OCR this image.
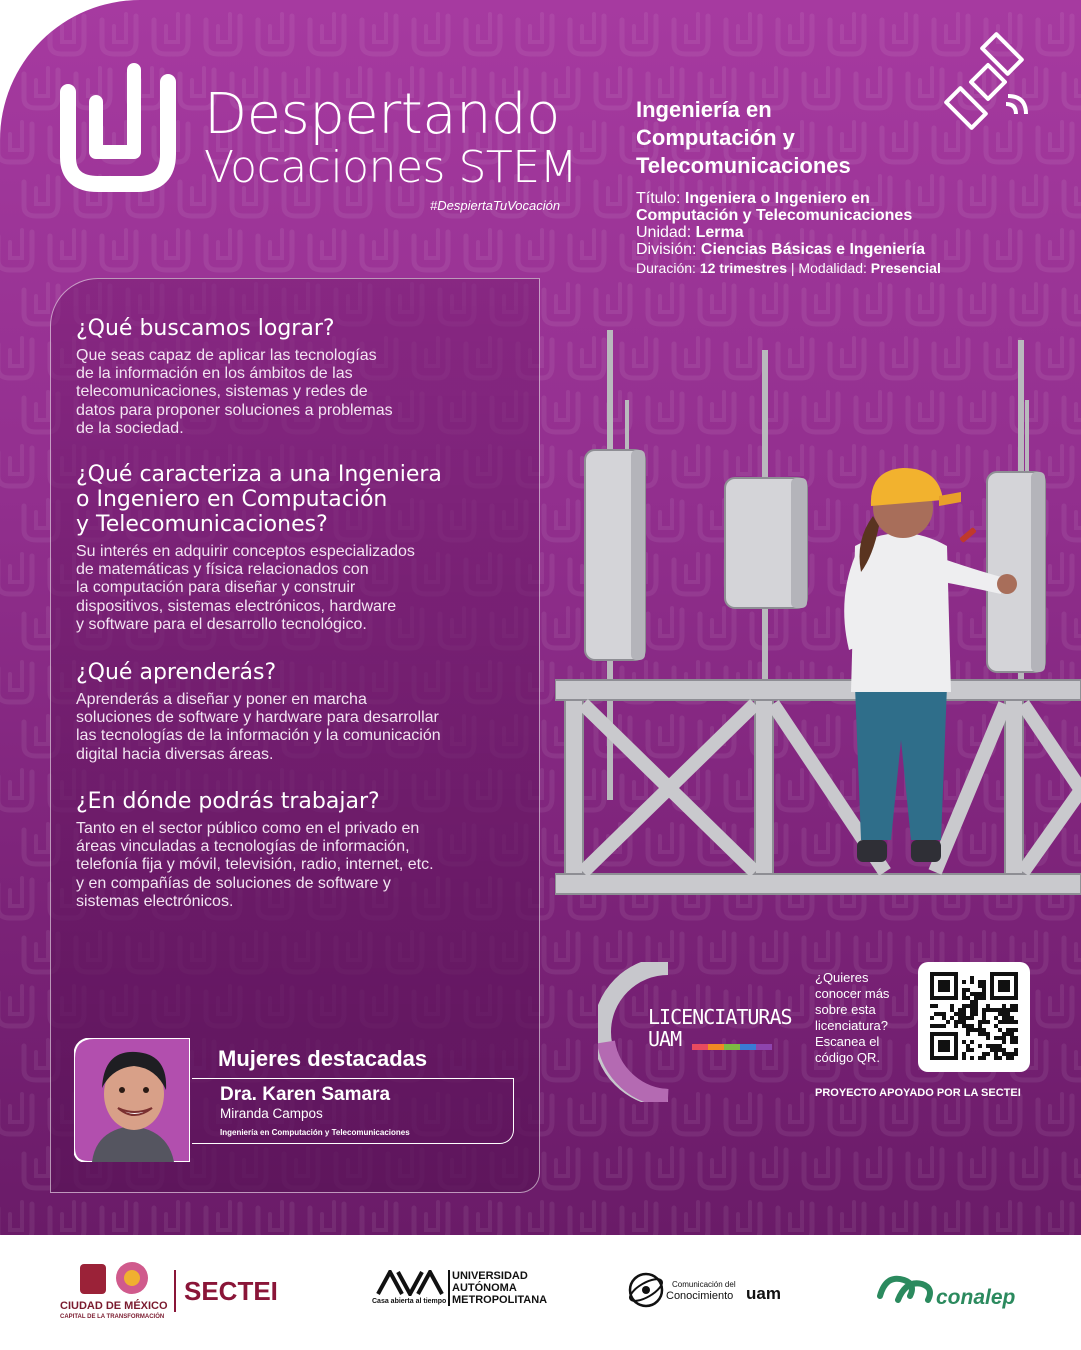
Despertando
Vocaciones STEM
#DespiertaTuVocación
Ingeniería en
Computación y
Telecomunicaciones
Título: Ingeniera o Ingeniero en
Computación y Telecomunicaciones
Unidad: Lerma
División: Ciencias Básicas e Ingeniería
Duración: 12 trimestres | Modalidad: Presencial
¿Qué buscamos lograr?

Que seas capaz de aplicar las tecnologías
de la información en los ámbitos de las
telecomunicaciones, sistemas y redes de
datos para proponer soluciones a problemas
de la sociedad.

¿Qué caracteriza a una Ingeniera
o Ingeniero en Computación
y Telecomunicaciones?

Su interés en adquirir conceptos especializados
de matemáticas y física relacionados con
la computación para diseñar y construir
dispositivos, sistemas electrónicos, hardware
y software para el desarrollo tecnológico.

¿Qué aprenderás?

Aprenderás a diseñar y poner en marcha
soluciones de software y hardware para desarrollar
las tecnologías de la información y la comunicación
digital hacia diversas áreas.

¿En dónde podrás trabajar?

Tanto en el sector público como en el privado en
áreas vinculadas a tecnologías de información,
telefonía fija y móvil, televisión, radio, internet, etc.
y en compañías de soluciones de software y
sistemas electrónicos.

LICENCIATURAS
UAM
¿Quieres
conocer más
sobre esta
licenciatura?
Escanea el
código QR.
PROYECTO APOYADO POR LA SECTEI
Mujeres destacadas
Dra. Karen Samara
Miranda Campos
Ingeniería en Computación y Telecomunicaciones
CIUDAD DE MÉXICO
CAPITAL DE LA TRANSFORMACIÓN
SECTEI	Casa abierta al tiempo
UNIVERSIDAD
AUTÓNOMA
METROPOLITANA
Comunicación del
Conocimiento uam	conalep
